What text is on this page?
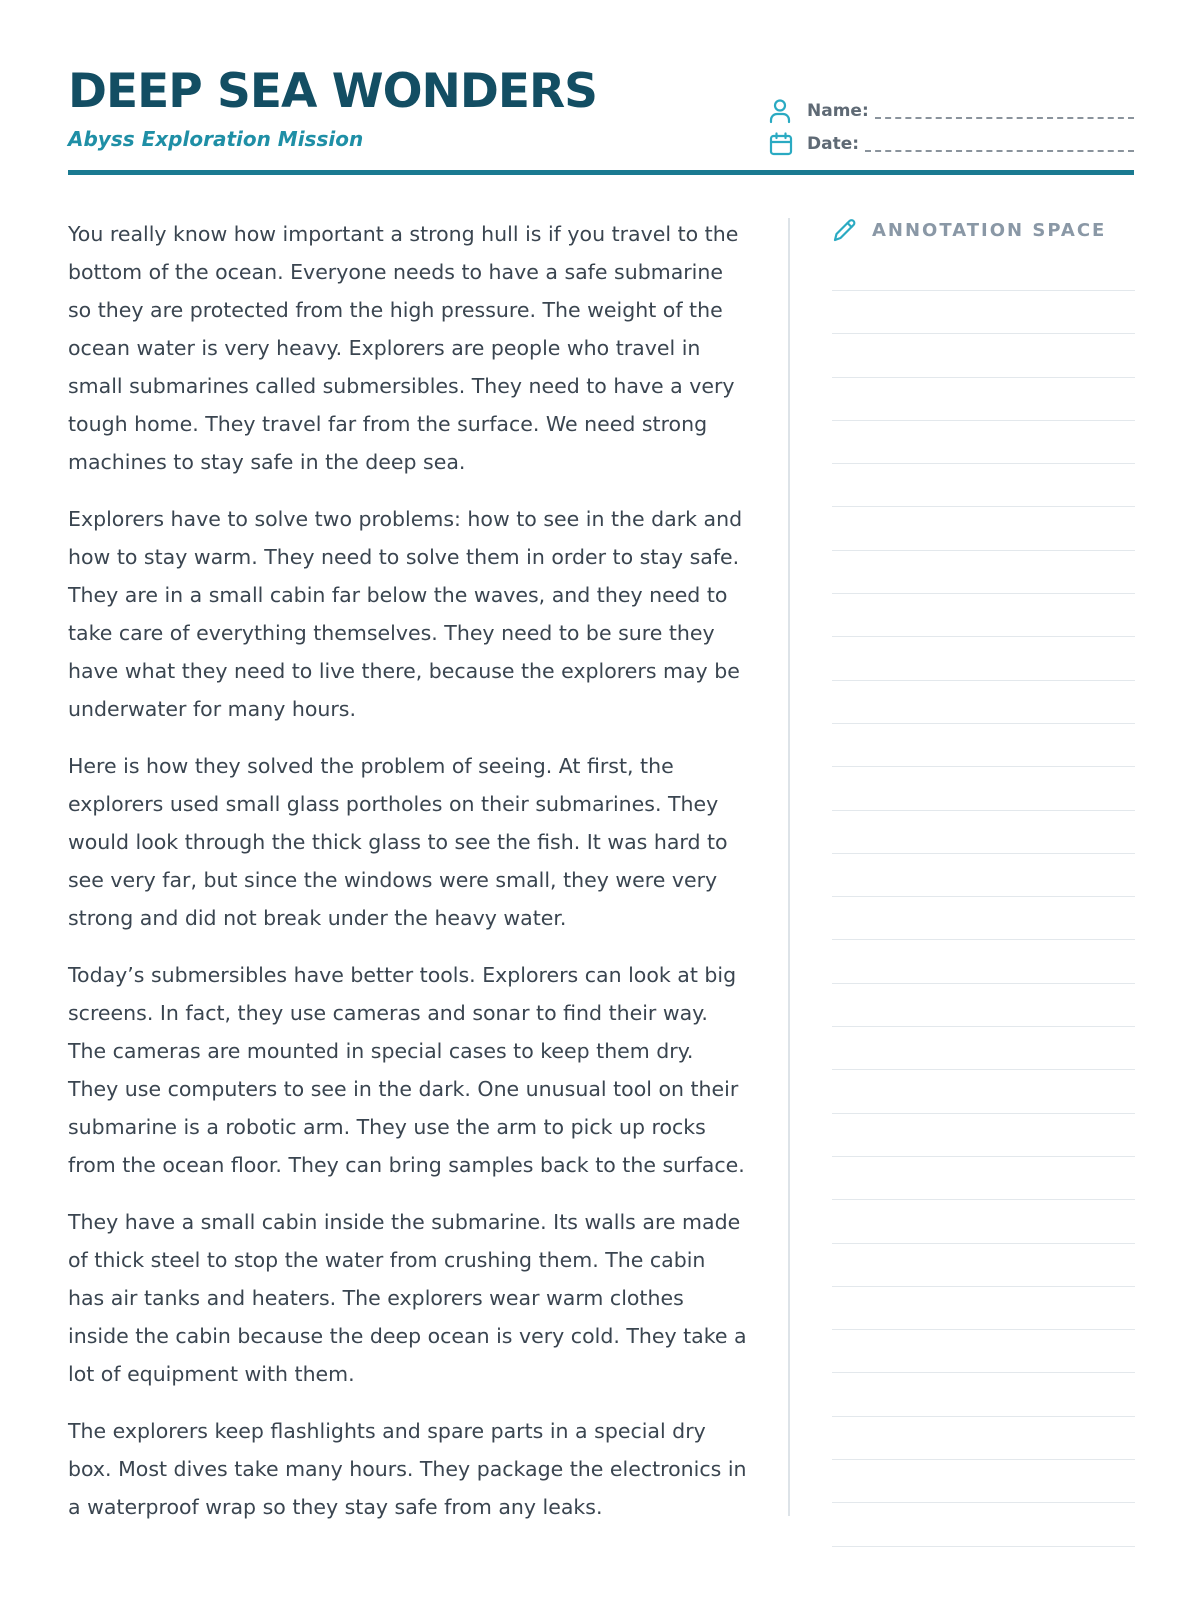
DEEP SEA WONDERS
Abyss Exploration Mission
Name:
Date:

You really know how important a strong hull is if you travel to the bottom of the ocean. Everyone needs to have a safe submarine so they are protected from the high pressure. The weight of the ocean water is very heavy. Explorers are people who travel in small submarines called submersibles. They need to have a very tough home. They travel far from the surface. We need strong machines to stay safe in the deep sea.

Explorers have to solve two problems: how to see in the dark and how to stay warm. They need to solve them in order to stay safe. They are in a small cabin far below the waves, and they need to take care of everything themselves. They need to be sure they have what they need to live there, because the explorers may be underwater for many hours.

Here is how they solved the problem of seeing. At first, the explorers used small glass portholes on their submarines. They would look through the thick glass to see the fish. It was hard to see very far, but since the windows were small, they were very strong and did not break under the heavy water.

Today’s submersibles have better tools. Explorers can look at big screens. In fact, they use cameras and sonar to find their way. The cameras are mounted in special cases to keep them dry. They use computers to see in the dark. One unusual tool on their submarine is a robotic arm. They use the arm to pick up rocks from the ocean floor. They can bring samples back to the surface.

They have a small cabin inside the submarine. Its walls are made of thick steel to stop the water from crushing them. The cabin has air tanks and heaters. The explorers wear warm clothes inside the cabin because the deep ocean is very cold. They take a lot of equipment with them.

The explorers keep flashlights and spare parts in a special dry box. Most dives take many hours. They package the electronics in a waterproof wrap so they stay safe from any leaks.

ANNOTATION SPACE
